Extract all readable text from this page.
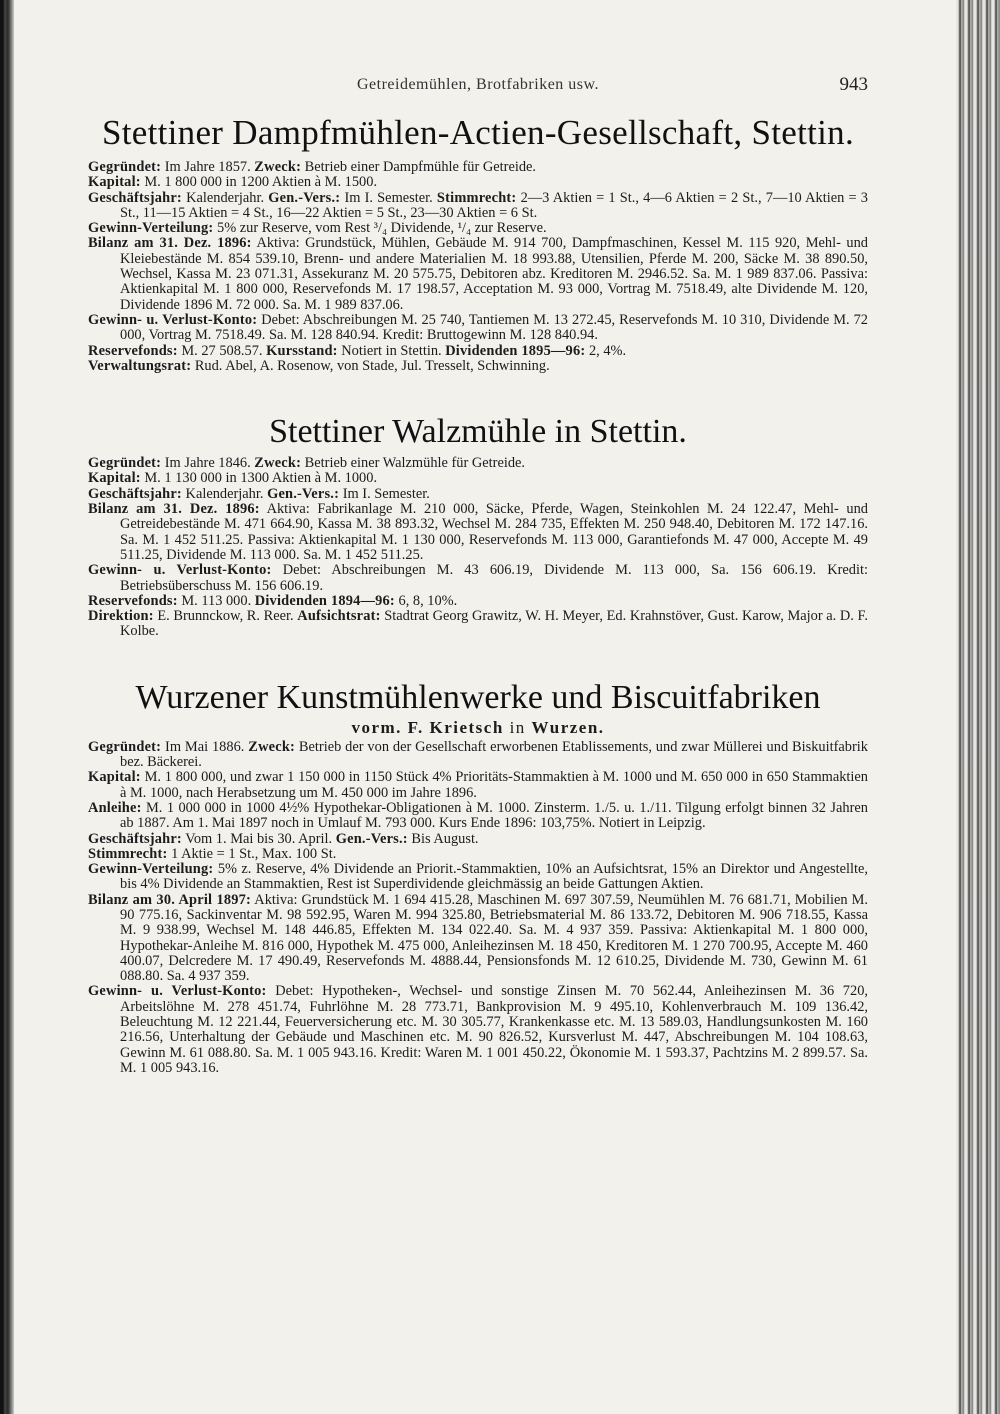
Getreidemühlen, Brotfabriken usw.	943
Stettiner Dampfmühlen-Actien-Gesellschaft, Stettin.

Gegründet: Im Jahre 1857. Zweck: Betrieb einer Dampfmühle für Getreide.

Kapital: M. 1 800 000 in 1200 Aktien à M. 1500.

Geschäftsjahr: Kalenderjahr. Gen.-Vers.: Im I. Semester. Stimmrecht: 2—3 Aktien = 1 St., 4—6 Aktien = 2 St., 7—10 Aktien = 3 St., 11—15 Aktien = 4 St., 16—22 Aktien = 5 St., 23—30 Aktien = 6 St.

Gewinn-Verteilung: 5% zur Reserve, vom Rest ³/₄ Dividende, ¹/₄ zur Reserve.

Bilanz am 31. Dez. 1896: Aktiva: Grundstück, Mühlen, Gebäude M. 914 700, Dampfmaschinen, Kessel M. 115 920, Mehl- und Kleiebestände M. 854 539.10, Brenn- und andere Materialien M. 18 993.88, Utensilien, Pferde M. 200, Säcke M. 38 890.50, Wechsel, Kassa M. 23 071.31, Assekuranz M. 20 575.75, Debitoren abz. Kreditoren M. 2946.52. Sa. M. 1 989 837.06. Passiva: Aktienkapital M. 1 800 000, Reservefonds M. 17 198.57, Acceptation M. 93 000, Vortrag M. 7518.49, alte Dividende M. 120, Dividende 1896 M. 72 000. Sa. M. 1 989 837.06.

Gewinn- u. Verlust-Konto: Debet: Abschreibungen M. 25 740, Tantiemen M. 13 272.45, Reservefonds M. 10 310, Dividende M. 72 000, Vortrag M. 7518.49. Sa. M. 128 840.94. Kredit: Bruttogewinn M. 128 840.94.

Reservefonds: M. 27 508.57. Kursstand: Notiert in Stettin. Dividenden 1895—96: 2, 4%.

Verwaltungsrat: Rud. Abel, A. Rosenow, von Stade, Jul. Tresselt, Schwinning.

Stettiner Walzmühle in Stettin.

Gegründet: Im Jahre 1846. Zweck: Betrieb einer Walzmühle für Getreide.

Kapital: M. 1 130 000 in 1300 Aktien à M. 1000.

Geschäftsjahr: Kalenderjahr. Gen.-Vers.: Im I. Semester.

Bilanz am 31. Dez. 1896: Aktiva: Fabrikanlage M. 210 000, Säcke, Pferde, Wagen, Steinkohlen M. 24 122.47, Mehl- und Getreidebestände M. 471 664.90, Kassa M. 38 893.32, Wechsel M. 284 735, Effekten M. 250 948.40, Debitoren M. 172 147.16. Sa. M. 1 452 511.25. Passiva: Aktienkapital M. 1 130 000, Reservefonds M. 113 000, Garantiefonds M. 47 000, Accepte M. 49 511.25, Dividende M. 113 000. Sa. M. 1 452 511.25.

Gewinn- u. Verlust-Konto: Debet: Abschreibungen M. 43 606.19, Dividende M. 113 000, Sa. 156 606.19. Kredit: Betriebsüberschuss M. 156 606.19.

Reservefonds: M. 113 000. Dividenden 1894—96: 6, 8, 10%.

Direktion: E. Brunnckow, R. Reer. Aufsichtsrat: Stadtrat Georg Grawitz, W. H. Meyer, Ed. Krahnstöver, Gust. Karow, Major a. D. F. Kolbe.

Wurzener Kunstmühlenwerke und Biscuitfabriken

vorm. F. Krietsch in Wurzen.

Gegründet: Im Mai 1886. Zweck: Betrieb der von der Gesellschaft erworbenen Etablissements, und zwar Müllerei und Biskuitfabrik bez. Bäckerei.

Kapital: M. 1 800 000, und zwar 1 150 000 in 1150 Stück 4% Prioritäts-Stammaktien à M. 1000 und M. 650 000 in 650 Stammaktien à M. 1000, nach Herabsetzung um M. 450 000 im Jahre 1896.

Anleihe: M. 1 000 000 in 1000 4½% Hypothekar-Obligationen à M. 1000. Zinsterm. 1./5. u. 1./11. Tilgung erfolgt binnen 32 Jahren ab 1887. Am 1. Mai 1897 noch in Umlauf M. 793 000. Kurs Ende 1896: 103,75%. Notiert in Leipzig.

Geschäftsjahr: Vom 1. Mai bis 30. April. Gen.-Vers.: Bis August.

Stimmrecht: 1 Aktie = 1 St., Max. 100 St.

Gewinn-Verteilung: 5% z. Reserve, 4% Dividende an Priorit.-Stammaktien, 10% an Aufsichtsrat, 15% an Direktor und Angestellte, bis 4% Dividende an Stammaktien, Rest ist Superdividende gleichmässig an beide Gattungen Aktien.

Bilanz am 30. April 1897: Aktiva: Grundstück M. 1 694 415.28, Maschinen M. 697 307.59, Neumühlen M. 76 681.71, Mobilien M. 90 775.16, Sackinventar M. 98 592.95, Waren M. 994 325.80, Betriebsmaterial M. 86 133.72, Debitoren M. 906 718.55, Kassa M. 9 938.99, Wechsel M. 148 446.85, Effekten M. 134 022.40. Sa. M. 4 937 359. Passiva: Aktienkapital M. 1 800 000, Hypothekar-Anleihe M. 816 000, Hypothek M. 475 000, Anleihezinsen M. 18 450, Kreditoren M. 1 270 700.95, Accepte M. 460 400.07, Delcredere M. 17 490.49, Reservefonds M. 4888.44, Pensionsfonds M. 12 610.25, Dividende M. 730, Gewinn M. 61 088.80. Sa. 4 937 359.

Gewinn- u. Verlust-Konto: Debet: Hypotheken-, Wechsel- und sonstige Zinsen M. 70 562.44, Anleihezinsen M. 36 720, Arbeitslöhne M. 278 451.74, Fuhrlöhne M. 28 773.71, Bankprovision M. 9 495.10, Kohlenverbrauch M. 109 136.42, Beleuchtung M. 12 221.44, Feuerversicherung etc. M. 30 305.77, Krankenkasse etc. M. 13 589.03, Handlungsunkosten M. 160 216.56, Unterhaltung der Gebäude und Maschinen etc. M. 90 826.52, Kursverlust M. 447, Abschreibungen M. 104 108.63, Gewinn M. 61 088.80. Sa. M. 1 005 943.16. Kredit: Waren M. 1 001 450.22, Ökonomie M. 1 593.37, Pachtzins M. 2 899.57. Sa. M. 1 005 943.16.
